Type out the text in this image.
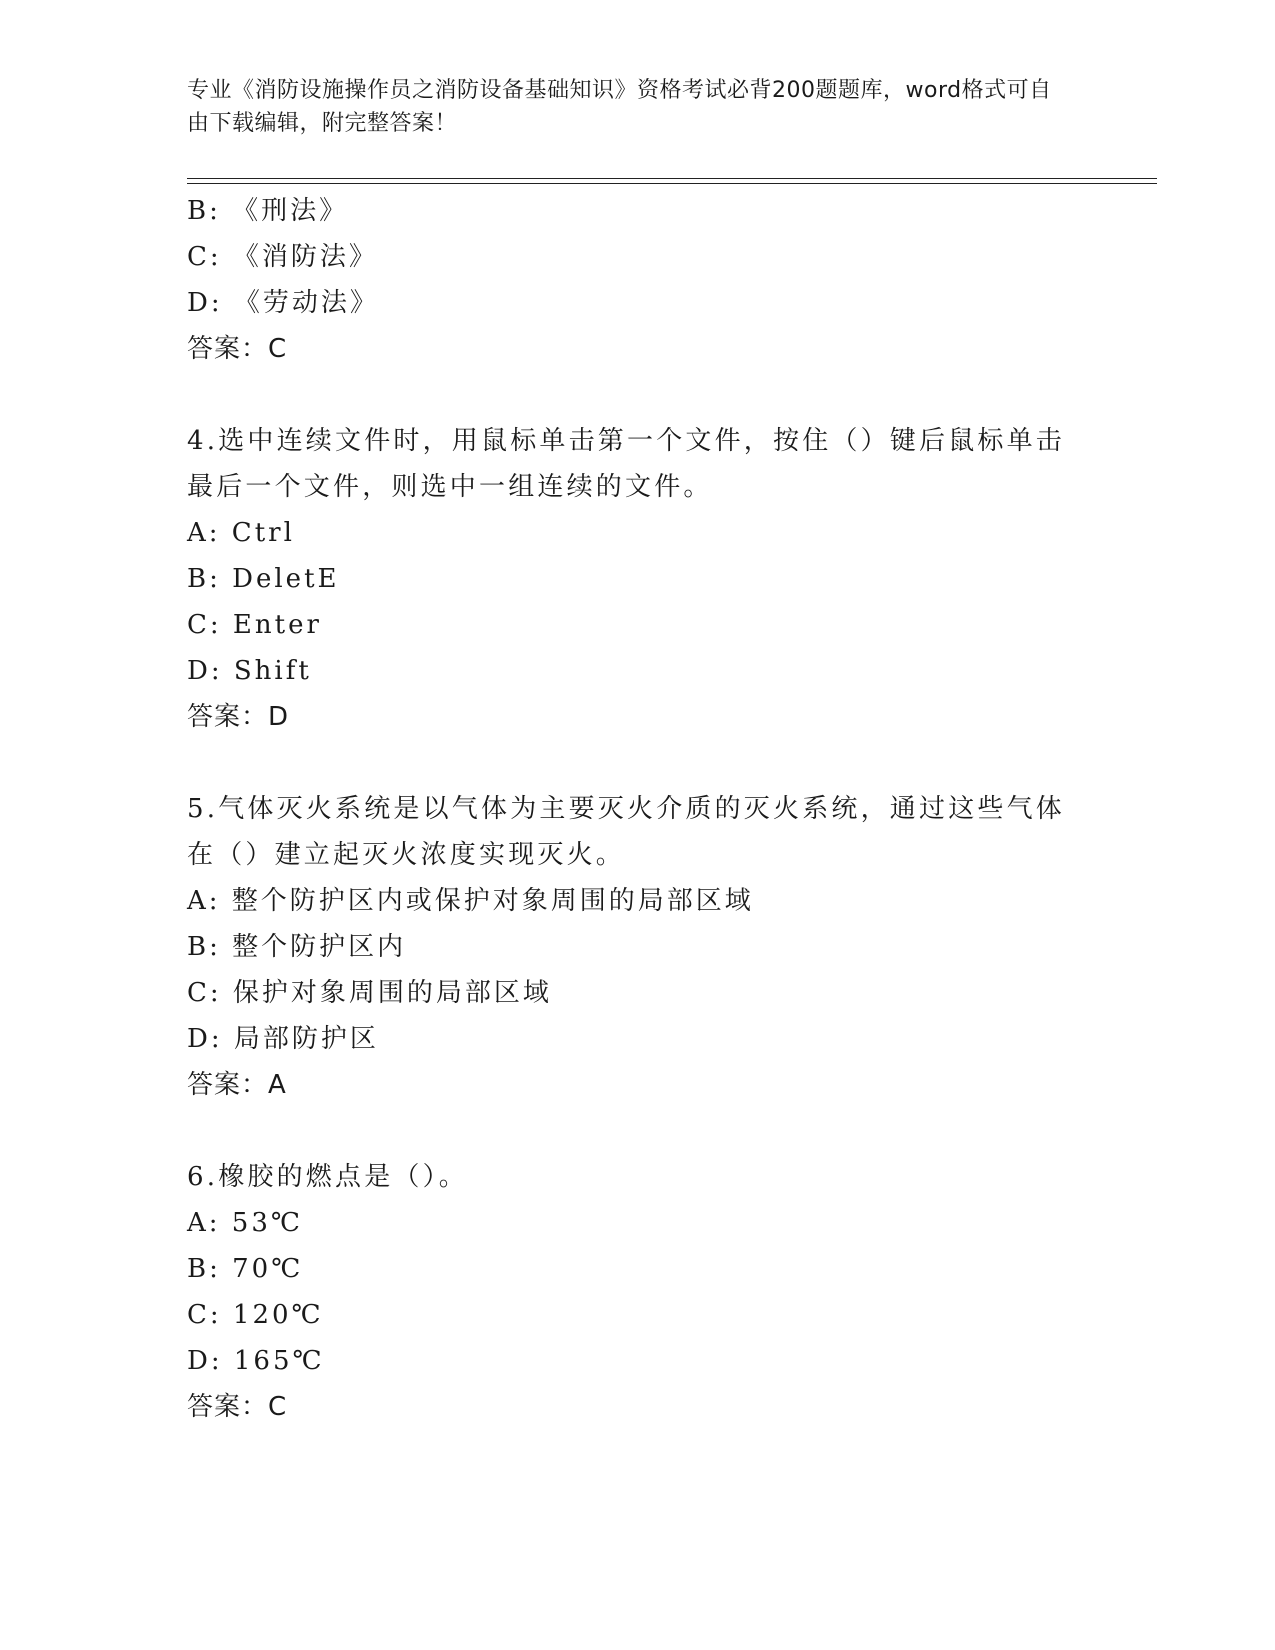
专业《消防设施操作员之消防设备基础知识》资格考试必背200题题库，word格式可自由下载编辑，附完整答案！
B: 《刑法》
C: 《消防法》
D: 《劳动法》
答案：C
4.选中连续文件时，用鼠标单击第一个文件，按住（）键后鼠标单击最后一个文件，则选中一组连续的文件。
A: Ctrl
B: DeletE
C: Enter
D: Shift
答案：D
5.气体灭火系统是以气体为主要灭火介质的灭火系统，通过这些气体在（）建立起灭火浓度实现灭火。
A: 整个防护区内或保护对象周围的局部区域
B: 整个防护区内
C: 保护对象周围的局部区域
D: 局部防护区
答案：A
6.橡胶的燃点是（）。
A: 53℃
B: 70℃
C: 120℃
D: 165℃
答案：C
